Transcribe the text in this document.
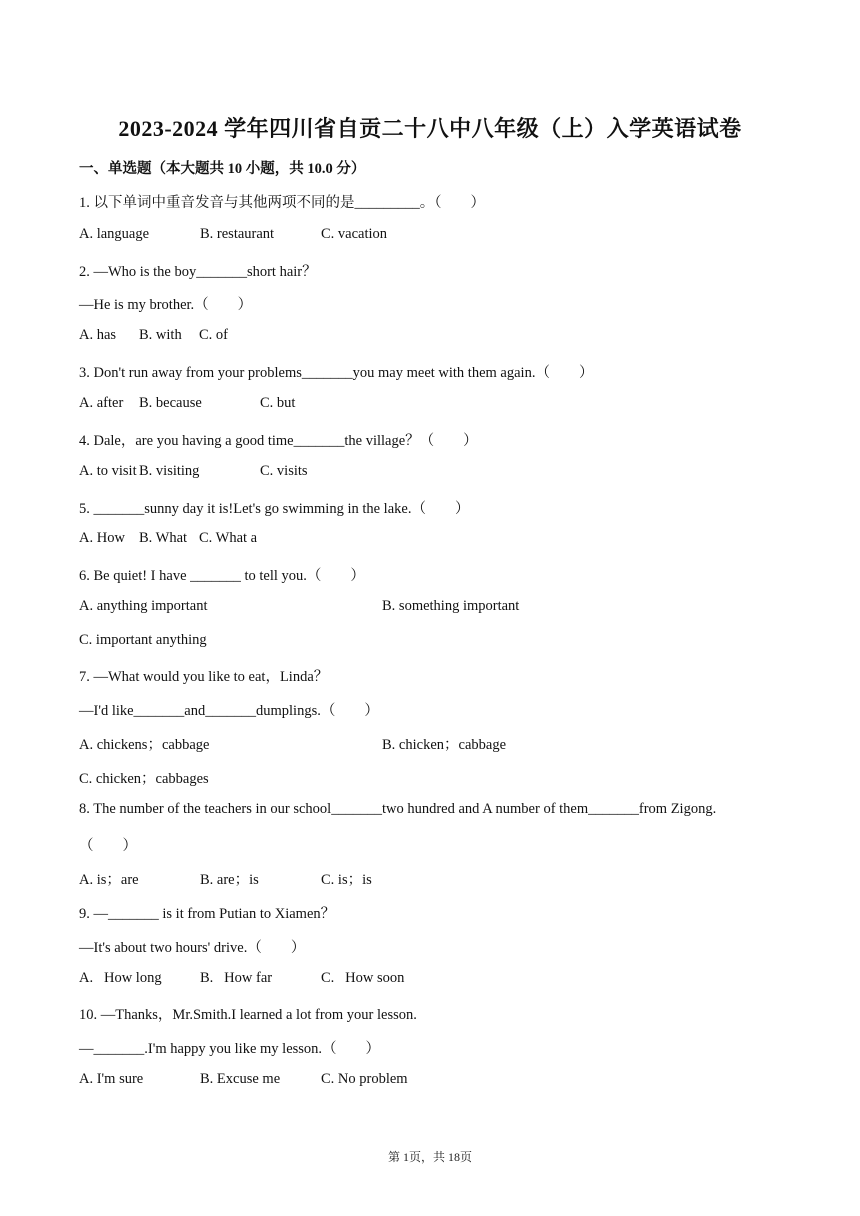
2023-2024 学年四川省自贡二十八中八年级（上）入学英语试卷
一、单选题（本大题共 10 小题，共 10.0 分）
1. 以下单词中重音发音与其他两项不同的是_________。（　　）
A. language	B. restaurant	C. vacation
2. —Who is the boy_______short hair？
—He is my brother.（　　）
A. has B. with C. of
3. Don't run away from your problems_______you may meet with them again.（　　）
A. after B. because	C. but
4. Dale，are you having a good time_______the village？（　　）
A. to visit B. visiting	C. visits
5. _______sunny day it is!Let's go swimming in the lake.（　　）
A. How B. What C. What a
6. Be quiet! I have _______ to tell you.（　　）
A. anything important	B. something important
C. important anything
7. —What would you like to eat，Linda？
—I'd like_______and_______dumplings.（　　）
A. chickens；cabbage	B. chicken；cabbage
C. chicken；cabbages
8. The number of the teachers in our school_______two hundred and A number of them_______from Zigong.
（　　）
A. is；are	B. are；is	C. is；is
9. —_______ is it from Putian to Xiamen？
—It's about two hours' drive.（　　）
A.   How long	B.   How far	C.   How soon
10. —Thanks，Mr.Smith.I learned a lot from your lesson.
—_______.I'm happy you like my lesson.（　　）
A. I'm sure	B. Excuse me	C. No problem
第 1页，共 18页
